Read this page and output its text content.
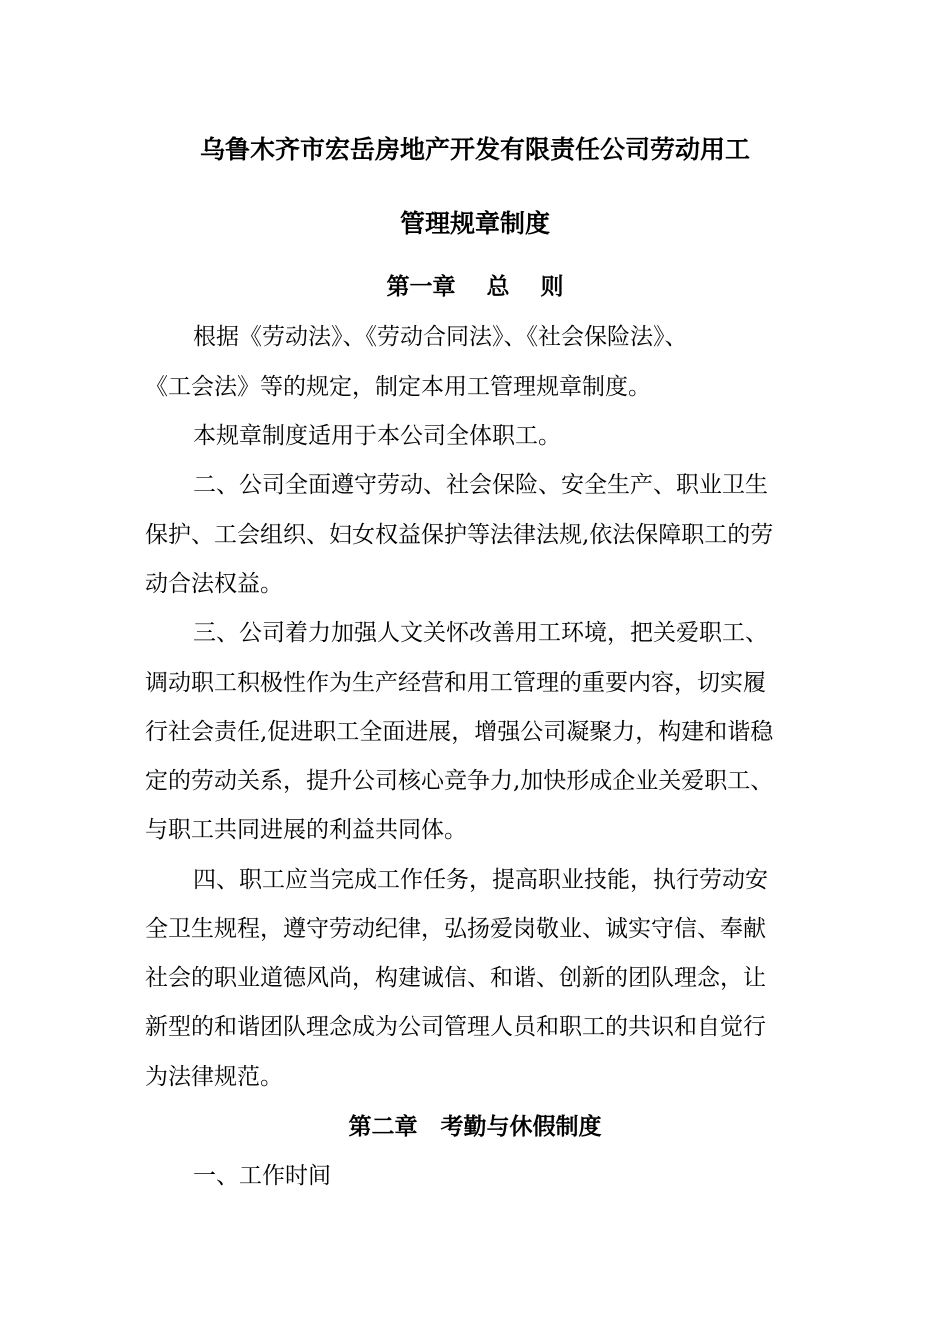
乌鲁木齐市宏岳房地产开发有限责任公司劳动用工
管理规章制度
第一章　 总　 则
根据《劳动法》、《劳动合同法》、《社会保险法》、
《工会法》等的规定，制定本用工管理规章制度。
本规章制度适用于本公司全体职工。
二、公司全面遵守劳动、社会保险、安全生产、职业卫生
保护、工会组织、妇女权益保护等法律法规,依法保障职工的劳
动合法权益。
三、公司着力加强人文关怀改善用工环境，把关爱职工、
调动职工积极性作为生产经营和用工管理的重要内容，切实履
行社会责任,促进职工全面进展，增强公司凝聚力，构建和谐稳
定的劳动关系，提升公司核心竞争力,加快形成企业关爱职工、
与职工共同进展的利益共同体。
四、职工应当完成工作任务，提高职业技能，执行劳动安
全卫生规程，遵守劳动纪律，弘扬爱岗敬业、诚实守信、奉献
社会的职业道德风尚，构建诚信、和谐、创新的团队理念，让
新型的和谐团队理念成为公司管理人员和职工的共识和自觉行
为法律规范。
第二章　考勤与休假制度
一、工作时间
